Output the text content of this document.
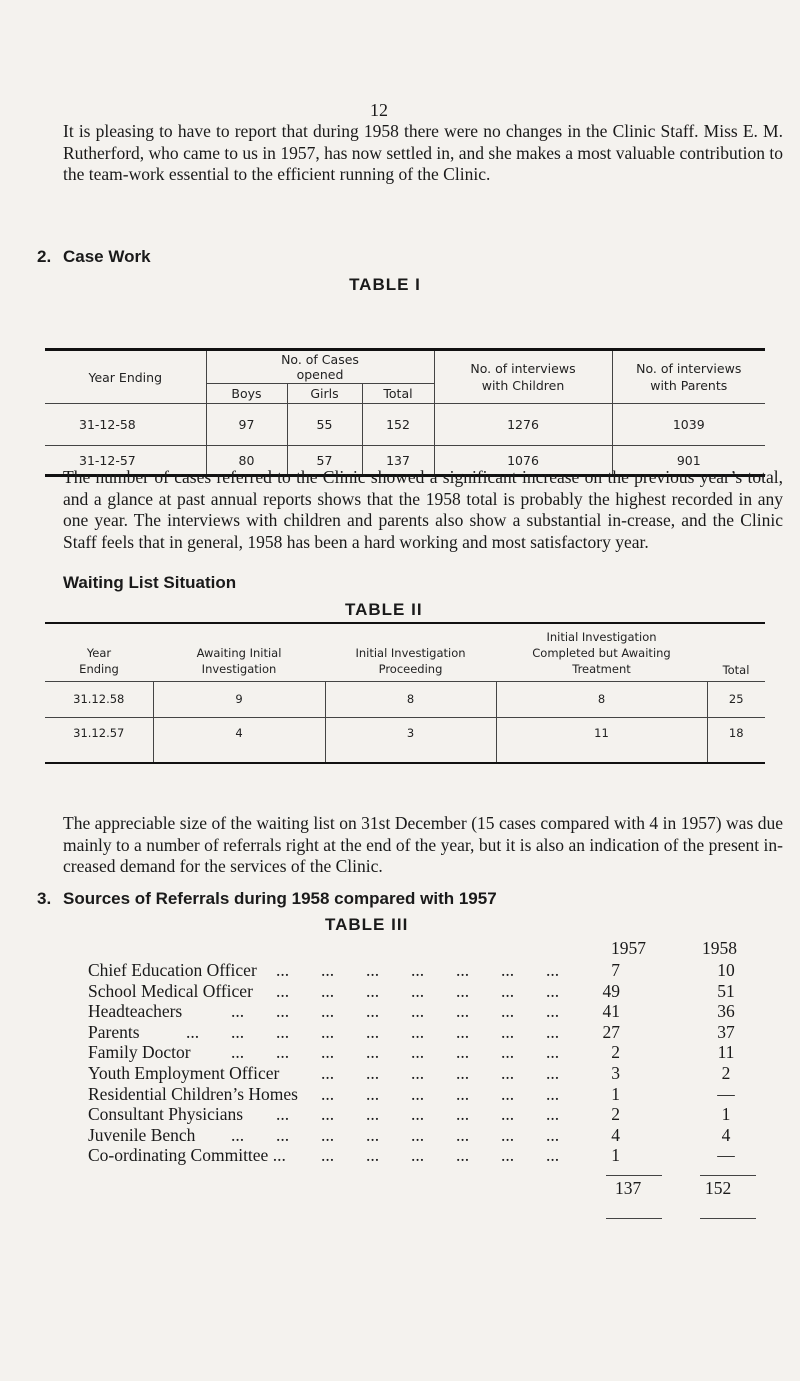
12
It is pleasing to have to report that during 1958 there were no changes in the Clinic Staff. Miss E. M. Rutherford, who came to us in 1957, has now settled in, and she makes a most valuable contribution to the team-work essential to the efficient running of the Clinic.
2. Case Work
TABLE I
Year Ending	No. of Cases opened			No. of interviews with Children	No. of interviews with Parents
	Boys	Girls	Total		
31-12-58	97	55	152	1276	1039
31-12-57	80	57	137	1076	901
The number of cases referred to the Clinic showed a significant increase on the previous year’s total, and a glance at past annual reports shows that the 1958 total is probably the highest recorded in any one year. The interviews with children and parents also show a substantial in-crease, and the Clinic Staff feels that in general, 1958 has been a hard working and most satisfactory year.
Waiting List Situation
TABLE II
Year Ending	Awaiting Initial Investigation	Initial Investigation Proceeding	Initial Investigation Completed but Awaiting Treatment	Total
31.12.58	9	8	8	25
31.12.57	4	3	11	18
The appreciable size of the waiting list on 31st December (15 cases compared with 4 in 1957) was due mainly to a number of referrals right at the end of the year, but it is also an indication of the present in-creased demand for the services of the Clinic.
3. Sources of Referrals during 1958 compared with 1957
TABLE III
1957	1958
Chief Education Officer	7	10
... ... ... ... ... ... ...
School Medical Officer	49	51
... ... ... ... ... ... ...
Headteachers	41	36
... ... ... ... ... ... ... ...
Parents	27	37
... ... ... ... ... ... ... ... ...
Family Doctor	2	11
... ... ... ... ... ... ... ...
Youth Employment Officer	3	2
... ... ... ... ... ...
Residential Children’s Homes	1	—
... ... ... ... ... ...
Consultant Physicians	2	1
... ... ... ... ... ... ...
Juvenile Bench	4	4
... ... ... ... ... ... ... ...
Co-ordinating Committee ...	1	—
... ... ... ... ... ...
137	152
